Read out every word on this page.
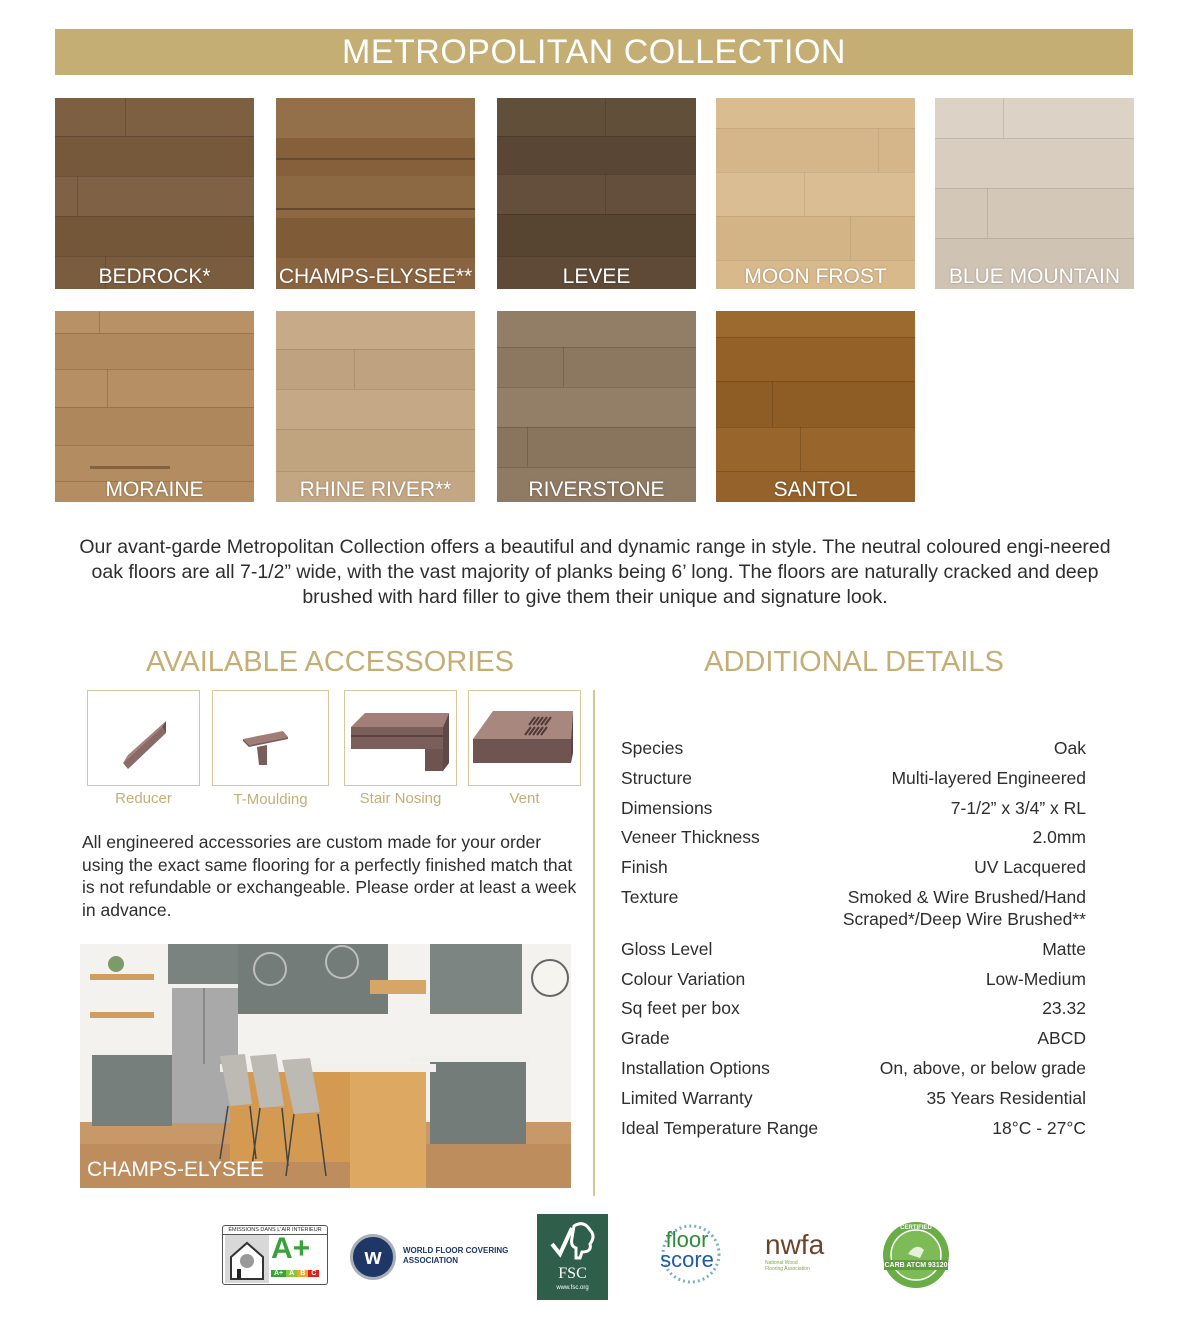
METROPOLITAN COLLECTION
BEDROCK*	CHAMPS-ELYSEE**	LEVEE	MOON FROST	BLUE MOUNTAIN
MORAINE	RHINE RIVER**	RIVERSTONE	SANTOL

Our avant-garde Metropolitan Collection offers a beautiful and dynamic range in style. The neutral coloured engi-neered oak floors are all 7-1/2” wide, with the vast majority of planks being 6’ long. The floors are naturally cracked and deep brushed with hard filler to give them their unique and signature look.

AVAILABLE ACCESSORIES
Reducer	T-Moulding	Stair Nosing	Vent

All engineered accessories are custom made for your order using the exact same flooring for a perfectly finished match that is not refundable or exchangeable. Please order at least a week in advance.

CHAMPS-ELYSEE
ADDITIONAL DETAILS
Species	Oak
Structure	Multi-layered Engineered
Dimensions	7-1/2” x 3/4” x RL
Veneer Thickness	2.0mm
Finish	UV Lacquered
Texture	Smoked & Wire Brushed/Hand
Scraped*/Deep Wire Brushed**
Gloss Level	Matte
Colour Variation	Low-Medium
Sq feet per box	23.32
Grade	ABCD
Installation Options	On, above, or below grade
Limited Warranty	35 Years Residential
Ideal Temperature Range	18°C - 27°C
ÉMISSIONS DANS L'AIR INTÉRIEUR
A+
A+ A B C
w	WORLD FLOOR COVERING
ASSOCIATION
FSC
www.fsc.org
floor
score	nwfa
National Wood
Flooring Association	CARB ATCM 93120
CERTIFIED
